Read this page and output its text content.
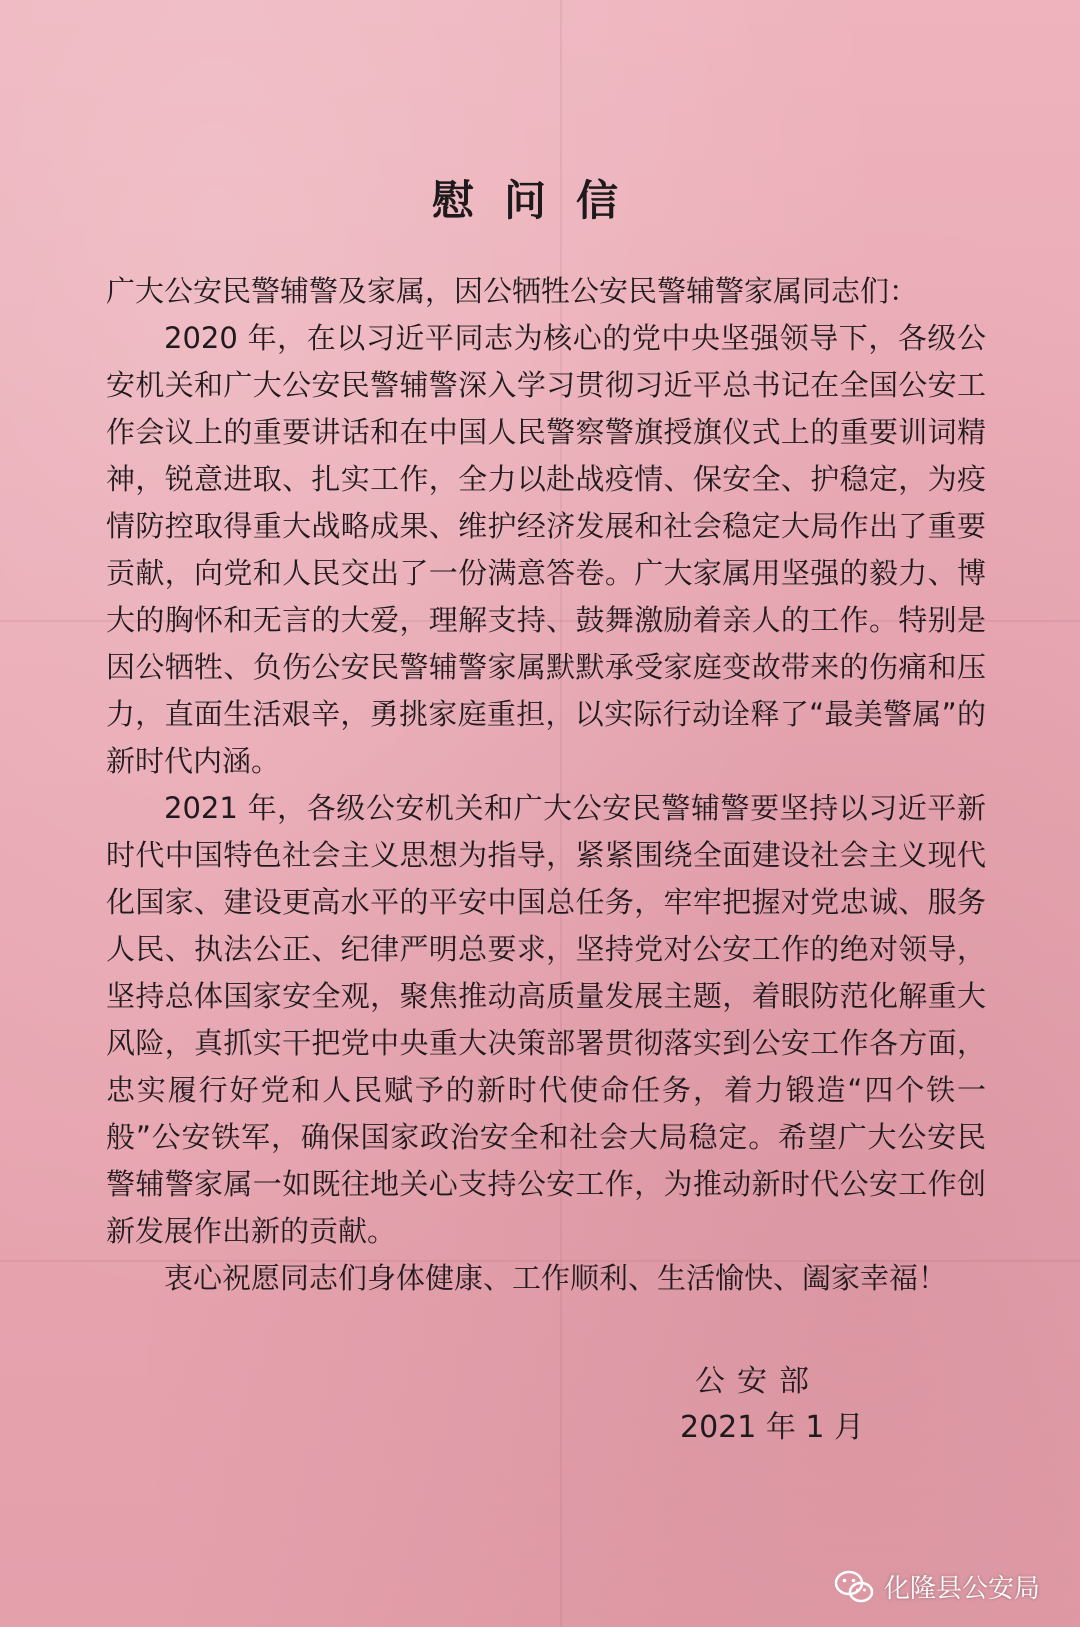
慰问信

广大公安民警辅警及家属，因公牺牲公安民警辅警家属同志们：

2020 年，在以习近平同志为核心的党中央坚强领导下，各级公安机关和广大公安民警辅警深入学习贯彻习近平总书记在全国公安工作会议上的重要讲话和在中国人民警察警旗授旗仪式上的重要训词精神，锐意进取、扎实工作，全力以赴战疫情、保安全、护稳定，为疫情防控取得重大战略成果、维护经济发展和社会稳定大局作出了重要贡献，向党和人民交出了一份满意答卷。广大家属用坚强的毅力、博大的胸怀和无言的大爱，理解支持、鼓舞激励着亲人的工作。特别是因公牺牲、负伤公安民警辅警家属默默承受家庭变故带来的伤痛和压力，直面生活艰辛，勇挑家庭重担，以实际行动诠释了“最美警属”的新时代内涵。

2021 年，各级公安机关和广大公安民警辅警要坚持以习近平新时代中国特色社会主义思想为指导，紧紧围绕全面建设社会主义现代化国家、建设更高水平的平安中国总任务，牢牢把握对党忠诚、服务人民、执法公正、纪律严明总要求，坚持党对公安工作的绝对领导，坚持总体国家安全观，聚焦推动高质量发展主题，着眼防范化解重大风险，真抓实干把党中央重大决策部署贯彻落实到公安工作各方面，忠实履行好党和人民赋予的新时代使命任务，着力锻造“四个铁一般”公安铁军，确保国家政治安全和社会大局稳定。希望广大公安民警辅警家属一如既往地关心支持公安工作，为推动新时代公安工作创新发展作出新的贡献。

衷心祝愿同志们身体健康、工作顺利、生活愉快、阖家幸福！

公安部
2021 年 1 月
化隆县公安局
